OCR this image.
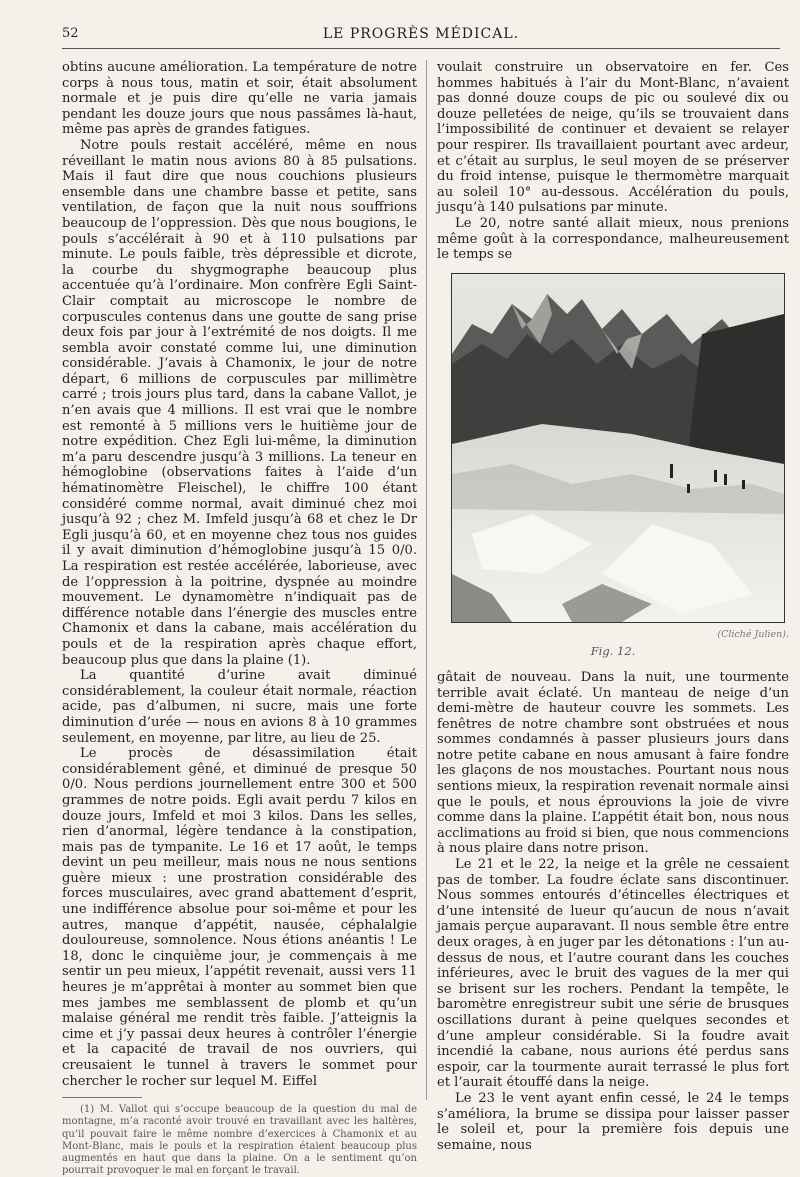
52	LE PROGRÈS MÉDICAL.

obtins aucune amélioration. La température de notre corps à nous tous, matin et soir, était absolument normale et je puis dire qu’elle ne varia jamais pendant les douze jours que nous passâmes là-haut, même pas après de grandes fatigues.

Notre pouls restait accéléré, même en nous réveillant le matin nous avions 80 à 85 pulsations. Mais il faut dire que nous couchions plusieurs ensemble dans une chambre basse et petite, sans ventilation, de façon que la nuit nous souffrions beaucoup de l’oppression. Dès que nous bougions, le pouls s’accélérait à 90 et à 110 pulsations par minute. Le pouls faible, très dépressible et dicrote, la courbe du shygmographe beaucoup plus accentuée qu’à l’ordinaire. Mon confrère Egli Saint-Clair comptait au microscope le nombre de corpuscules contenus dans une goutte de sang prise deux fois par jour à l’extrémité de nos doigts. Il me sembla avoir constaté comme lui, une diminution considérable. J’avais à Chamonix, le jour de notre départ, 6 millions de corpuscules par millimètre carré ; trois jours plus tard, dans la cabane Vallot, je n’en avais que 4 millions. Il est vrai que le nombre est remonté à 5 millions vers le huitième jour de notre expédition. Chez Egli lui-même, la diminution m’a paru descendre jusqu’à 3 millions. La teneur en hémoglobine (observations faites à l’aide d’un hématinomètre Fleischel), le chiffre 100 étant considéré comme normal, avait diminué chez moi jusqu’à 92 ; chez M. Imfeld jusqu’à 68 et chez le Dr Egli jusqu’à 60, et en moyenne chez tous nos guides il y avait diminution d’hémoglobine jusqu’à 15 0/0. La respiration est restée accélérée, laborieuse, avec de l’oppression à la poitrine, dyspnée au moindre mouvement. Le dynamomètre n’indiquait pas de différence notable dans l’énergie des muscles entre Chamonix et dans la cabane, mais accélération du pouls et de la respiration après chaque effort, beaucoup plus que dans la plaine (1).

La quantité d’urine avait diminué considérablement, la couleur était normale, réaction acide, pas d’albumen, ni sucre, mais une forte diminution d’urée — nous en avions 8 à 10 grammes seulement, en moyenne, par litre, au lieu de 25.

Le procès de désassimilation était considérablement gêné, et diminué de presque 50 0/0. Nous perdions journellement entre 300 et 500 grammes de notre poids. Egli avait perdu 7 kilos en douze jours, Imfeld et moi 3 kilos. Dans les selles, rien d’anormal, légère tendance à la constipation, mais pas de tympanite. Le 16 et 17 août, le temps devint un peu meilleur, mais nous ne nous sentions guère mieux : une prostration considérable des forces musculaires, avec grand abattement d’esprit, une indifférence absolue pour soi-même et pour les autres, manque d’appétit, nausée, céphalalgie douloureuse, somnolence. Nous étions anéantis ! Le 18, donc le cinquième jour, je commençais à me sentir un peu mieux, l’appétit revenait, aussi vers 11 heures je m’apprêtai à monter au sommet bien que mes jambes me semblassent de plomb et qu’un malaise général me rendit très faible. J’atteignis la cime et j’y passai deux heures à contrôler l’énergie et la capacité de travail de nos ouvriers, qui creusaient le tunnel à travers le sommet pour chercher le rocher sur lequel M. Eiffel

(1) M. Vallot qui s’occupe beaucoup de la question du mal de montagne, m’a raconté avoir trouvé en travaillant avec les haltères, qu’il pouvait faire le même nombre d’exercices à Chamonix et au Mont-Blanc, mais le pouls et la respiration étaient beaucoup plus augmentés en haut que dans la plaine. On a le sentiment qu’on pourrait provoquer le mal en forçant le travail.

voulait construire un observatoire en fer. Ces hommes habitués à l’air du Mont-Blanc, n’avaient pas donné douze coups de pic ou soulevé dix ou douze pelletées de neige, qu’ils se trouvaient dans l’impossibilité de continuer et devaient se relayer pour respirer. Ils travaillaient pourtant avec ardeur, et c’était au surplus, le seul moyen de se préserver du froid intense, puisque le thermomètre marquait au soleil 10° au-dessous. Accélération du pouls, jusqu’à 140 pulsations par minute.

Le 20, notre santé allait mieux, nous prenions même goût à la correspondance, malheureusement le temps se

(Cliché Julien).
Fig. 12.

gâtait de nouveau. Dans la nuit, une tourmente terrible avait éclaté. Un manteau de neige d’un demi-mètre de hauteur couvre les sommets. Les fenêtres de notre chambre sont obstruées et nous sommes condamnés à passer plusieurs jours dans notre petite cabane en nous amusant à faire fondre les glaçons de nos moustaches. Pourtant nous nous sentions mieux, la respiration revenait normale ainsi que le pouls, et nous éprouvions la joie de vivre comme dans la plaine. L’appétit était bon, nous nous acclimations au froid si bien, que nous commencions à nous plaire dans notre prison.

Le 21 et le 22, la neige et la grêle ne cessaient pas de tomber. La foudre éclate sans discontinuer. Nous sommes entourés d’étincelles électriques et d’une intensité de lueur qu’aucun de nous n’avait jamais perçue auparavant. Il nous semble être entre deux orages, à en juger par les détonations : l’un au-dessus de nous, et l’autre courant dans les couches inférieures, avec le bruit des vagues de la mer qui se brisent sur les rochers. Pendant la tempête, le baromètre enregistreur subit une série de brusques oscillations durant à peine quelques secondes et d’une ampleur considérable. Si la foudre avait incendié la cabane, nous aurions été perdus sans espoir, car la tourmente aurait terrassé le plus fort et l’aurait étouffé dans la neige.

Le 23 le vent ayant enfin cessé, le 24 le temps s’améliora, la brume se dissipa pour laisser passer le soleil et, pour la première fois depuis une semaine, nous
